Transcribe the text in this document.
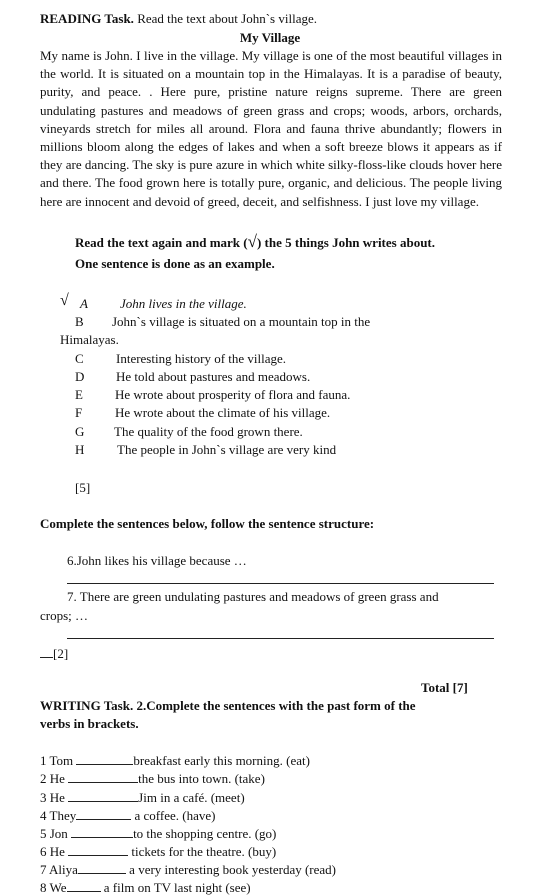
READING Task. Read the text about John`s village.
My Village
My name is John. I live in the village. My village is one of the most beautiful villages in the world. It is situated on a mountain top in the Himalayas. It is a paradise of beauty, purity, and peace. . Here pure, pristine nature reigns supreme. There are green undulating pastures and meadows of green grass and crops; woods, arbors, orchards, vineyards stretch for miles all around. Flora and fauna thrive abundantly; flowers in millions bloom along the edges of lakes and when a soft breeze blows it appears as if they are dancing. The sky is pure azure in which white silky-floss-like clouds hover here and there. The food grown here is totally pure, organic, and delicious. The people living here are innocent and devoid of greed, deceit, and selfishness. I just love my village.
Read the text again and mark (√) the 5 things John writes about.
One sentence is done as an example.
√ A John lives in the village.
B John`s village is situated on a mountain top in the
Himalayas.
C Interesting history of the village.
D He told about pastures and meadows.
E He wrote about prosperity of flora and fauna.
F	He wrote about the climate of his village.
G The quality of the food grown there.
H	The people in John`s village are very kind
[5]
Complete the sentences below, follow the sentence structure:
6.John likes his village because …
7. There are green undulating pastures and meadows of green grass and
crops; …
[2]
Total [7]
WRITING Task. 2.Complete the sentences with the past form of the
verbs in brackets.
1 Tom	breakfast early this morning. (eat)
2 He	the bus into town. (take)
3 He	Jim in a café. (meet)
4 They	a coffee. (have)
5 Jon	to the shopping centre. (go)
6 He	tickets for the theatre. (buy)
7 Aliya	a very interesting book yesterday (read)
8 We	a film on TV last night (see)
